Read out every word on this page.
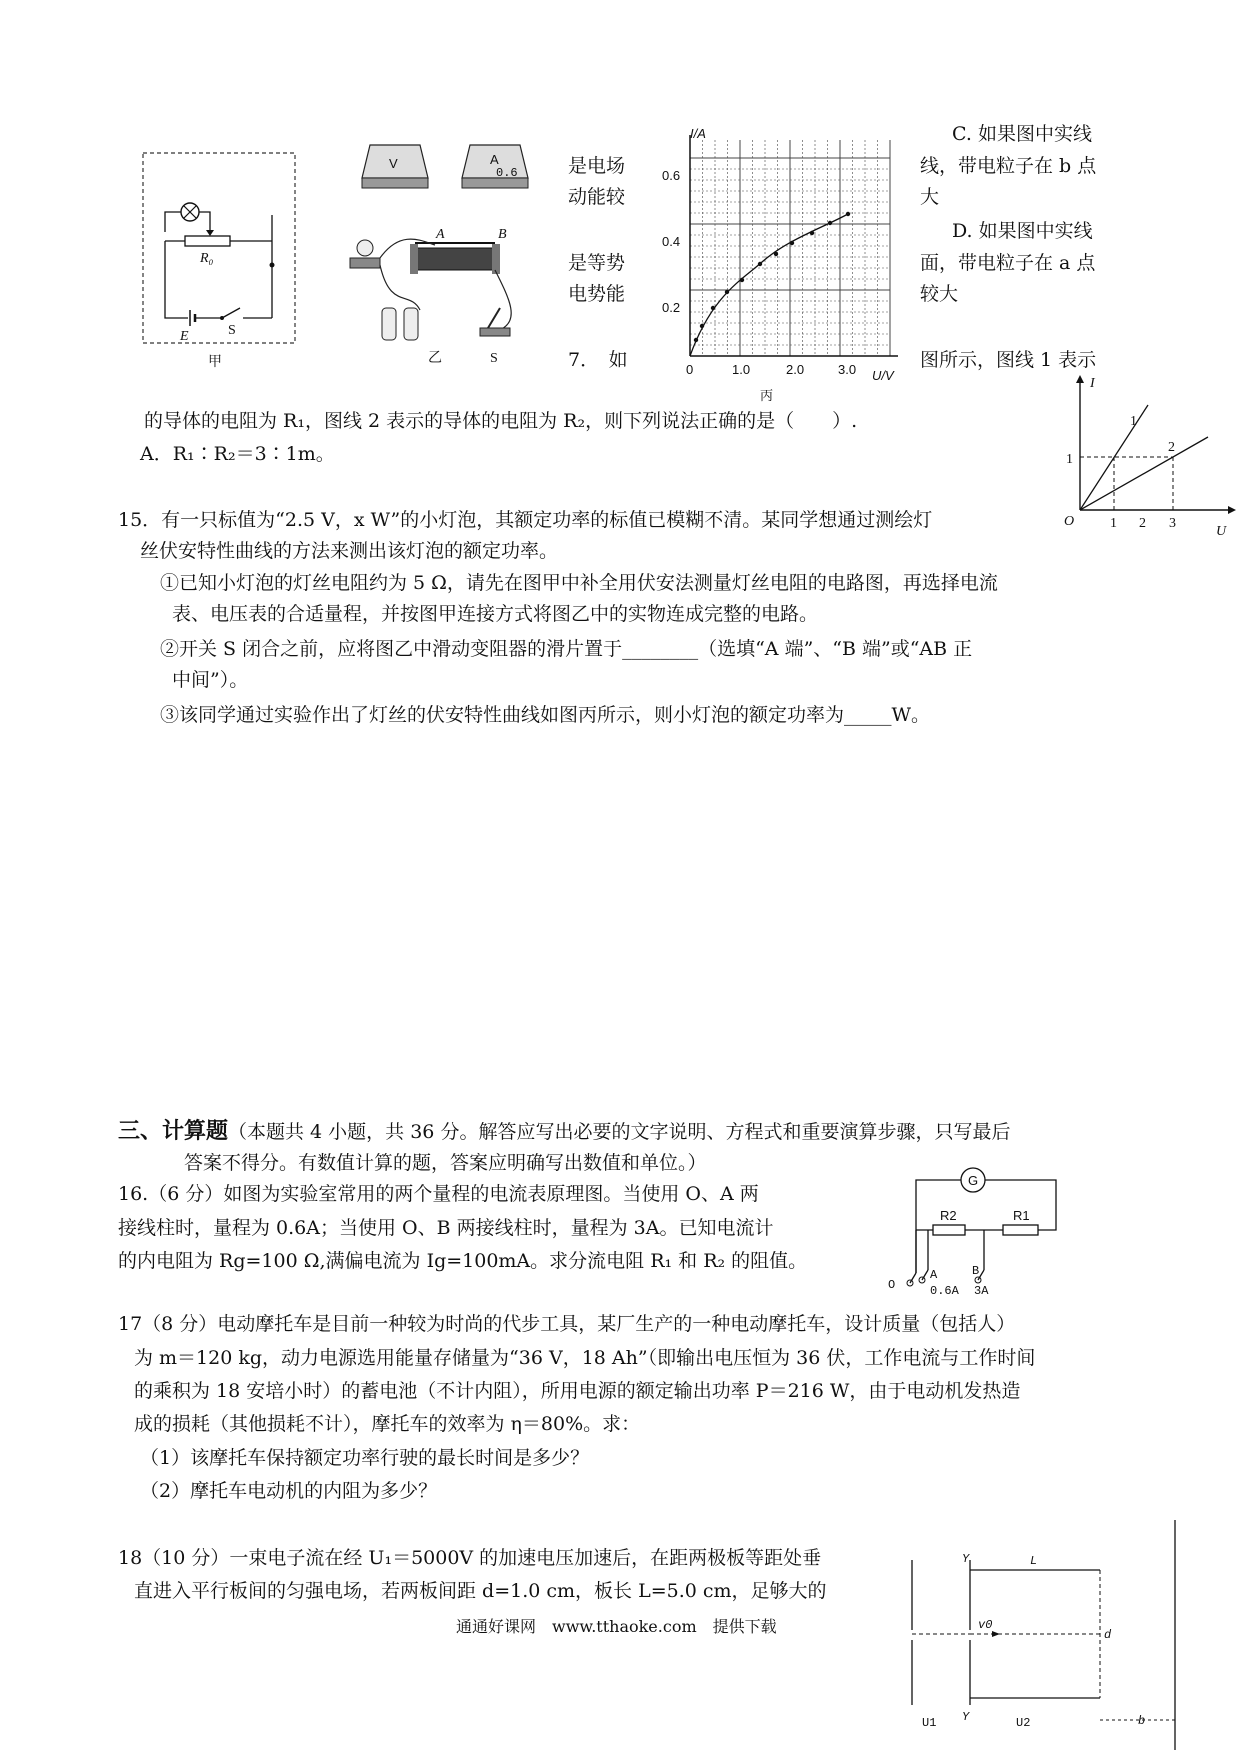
R₀
E	S
甲
V	A
0.6
A	B
S
乙
I/A
U/V
0.6
0.4
0.2
0	1.0	2.0	3.0
丙
是电场
动能较
是等势
电势能
7．　如
C. 如果图中实线
线，带电粒子在 b 点
大
D. 如果图中实线
面，带电粒子在 a 点
较大
图所示，图线 1 表示
的导体的电阻为 R₁，图线 2 表示的导体的电阻为 R₂，则下列说法正确的是（　　）.
A．R₁∶R₂＝3∶1m。
I
U
O
1
1 2 3
1
2
15．有一只标值为“2.5 V，x W”的小灯泡，其额定功率的标值已模糊不清。某同学想通过测绘灯
丝伏安特性曲线的方法来测出该灯泡的额定功率。
①已知小灯泡的灯丝电阻约为 5 Ω，请先在图甲中补全用伏安法测量灯丝电阻的电路图，再选择电流
表、电压表的合适量程，并按图甲连接方式将图乙中的实物连成完整的电路。
②开关 S 闭合之前，应将图乙中滑动变阻器的滑片置于________（选填“A 端”、“B 端”或“AB 正
中间”）。
③该同学通过实验作出了灯丝的伏安特性曲线如图丙所示，则小灯泡的额定功率为_____W。
三、计算题（本题共 4 小题，共 36 分。解答应写出必要的文字说明、方程式和重要演算步骤，只写最后
答案不得分。有数值计算的题，答案应明确写出数值和单位。）
16.（6 分）如图为实验室常用的两个量程的电流表原理图。当使用 O、A 两
接线柱时，量程为 0.6A；当使用 O、B 两接线柱时，量程为 3A。已知电流计
的内电阻为 Rg=100 Ω,满偏电流为 Ig=100mA。求分流电阻 R₁ 和 R₂ 的阻值。
G
R2	R1
O
A	B
0.6A 3A
17（8 分）电动摩托车是目前一种较为时尚的代步工具，某厂生产的一种电动摩托车，设计质量（包括人）
为 m＝120 kg，动力电源选用能量存储量为“36 V，18 Ah”（即输出电压恒为 36 伏，工作电流与工作时间
的乘积为 18 安培小时）的蓄电池（不计内阻），所用电源的额定输出功率 P＝216 W，由于电动机发热造
成的损耗（其他损耗不计），摩托车的效率为 η＝80%。求：
（1）该摩托车保持额定功率行驶的最长时间是多少？
（2）摩托车电动机的内阻为多少？
18（10 分）一束电子流在经 U₁＝5000V 的加速电压加速后，在距两极板等距处垂
直进入平行板间的匀强电场，若两板间距 d=1.0 cm，板长 L=5.0 cm，足够大的
Y	L
v0
d
Y
U1	U2	b
通通好课网　www.tthaoke.com　提供下载
